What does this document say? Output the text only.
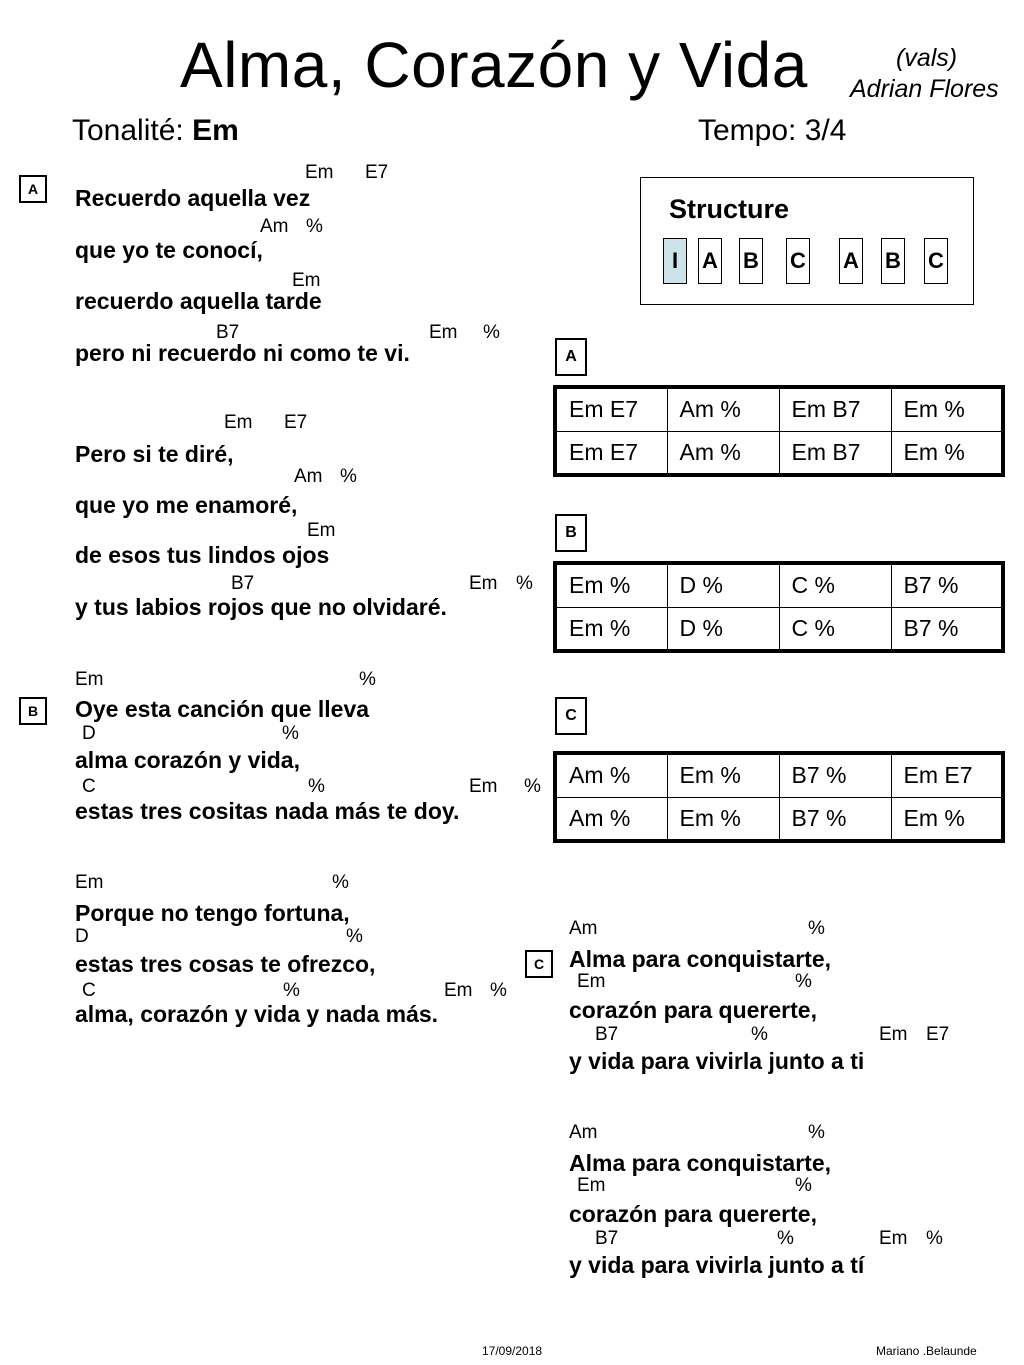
Alma, Corazón y Vida	(vals)
Adrian Flores
Tonalité: Em	Tempo: 3/4
Structure
I	A B C A B C
A
B
Em E7
Recuerdo aquella vez
Am %
que yo te conocí,
Em
recuerdo aquella tarde
B7	Em %
pero ni recuerdo ni como te vi.
Em E7
Pero si te diré,
Am %
que yo me enamoré,
Em
de esos tus lindos ojos
B7	Em %
y tus labios rojos que no olvidaré.
Em	%
Oye esta canción que lleva
D	%
alma corazón y vida,
C	%	Em %
estas tres cositas nada más te doy.
Em	%
Porque no tengo fortuna,
D	%
estas tres cosas te ofrezco,
C	%	Em %
alma, corazón y vida y nada más.
A
Em E7	Am %	Em B7	Em %
Em E7	Am %	Em B7	Em %
B
Em %	D %	C %	B7 %
Em %	D %	C %	B7 %
C
Am %	Em %	B7 %	Em E7
Am %	Em %	B7 %	Em %
C
Am	%
Alma para conquistarte,
Em	%
corazón para quererte,
B7	%	Em E7
y vida para vivirla junto a ti
Am	%
Alma para conquistarte,
Em	%
corazón para quererte,
B7	%	Em %
y vida para vivirla junto a tí
17/09/2018	Mariano .Belaunde
